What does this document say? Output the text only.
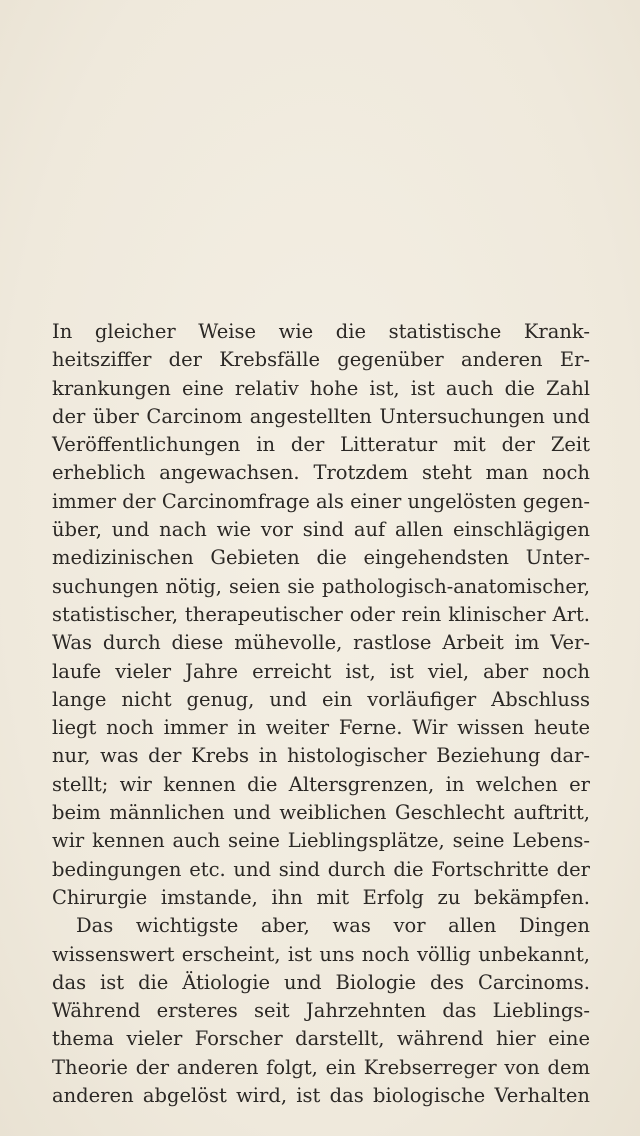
In gleicher Weise wie die statistische Krank-
heitsziffer der Krebsfälle gegenüber anderen Er-
krankungen eine relativ hohe ist, ist auch die Zahl
der über Carcinom angestellten Untersuchungen und
Veröffentlichungen in der Litteratur mit der Zeit
erheblich angewachsen. Trotzdem steht man noch
immer der Carcinomfrage als einer ungelösten gegen-
über, und nach wie vor sind auf allen einschlägigen
medizinischen Gebieten die eingehendsten Unter-
suchungen nötig, seien sie pathologisch-anatomischer,
statistischer, therapeutischer oder rein klinischer Art.
Was durch diese mühevolle, rastlose Arbeit im Ver-
laufe vieler Jahre erreicht ist, ist viel, aber noch
lange nicht genug, und ein vorläufiger Abschluss
liegt noch immer in weiter Ferne. Wir wissen heute
nur, was der Krebs in histologischer Beziehung dar-
stellt; wir kennen die Altersgrenzen, in welchen er
beim männlichen und weiblichen Geschlecht auftritt,
wir kennen auch seine Lieblingsplätze, seine Lebens-
bedingungen etc. und sind durch die Fortschritte der
Chirurgie imstande, ihn mit Erfolg zu bekämpfen.
Das wichtigste aber, was vor allen Dingen
wissenswert erscheint, ist uns noch völlig unbekannt,
das ist die Ätiologie und Biologie des Carcinoms.
Während ersteres seit Jahrzehnten das Lieblings-
thema vieler Forscher darstellt, während hier eine
Theorie der anderen folgt, ein Krebserreger von dem
anderen abgelöst wird, ist das biologische Verhalten
